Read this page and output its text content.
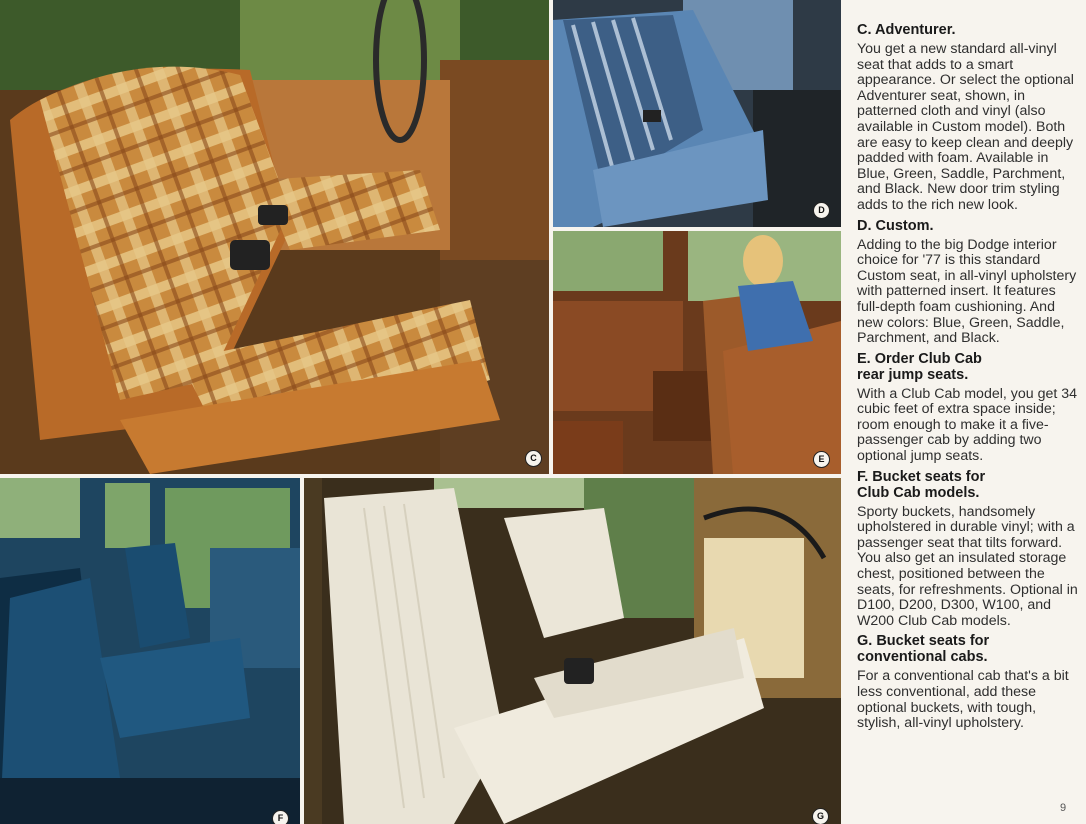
C
D
E
F	G

C. Adventurer.

You get a new standard all-vinyl seat that adds to a smart appearance. Or select the optional Adventurer seat, shown, in patterned cloth and vinyl (also available in Custom model). Both are easy to keep clean and deeply padded with foam. Available in Blue, Green, Saddle, Parchment, and Black. New door trim styling adds to the rich new look.

D. Custom.

Adding to the big Dodge interior choice for '77 is this standard Custom seat, in all-vinyl upholstery with patterned insert. It features full-depth foam cushioning. And new colors: Blue, Green, Saddle, Parchment, and Black.

E. Order Club Cab
rear jump seats.

With a Club Cab model, you get 34 cubic feet of extra space inside; room enough to make it a five-passenger cab by adding two optional jump seats.

F. Bucket seats for
Club Cab models.

Sporty buckets, handsomely upholstered in durable vinyl; with a passenger seat that tilts forward. You also get an insulated storage chest, positioned between the seats, for refreshments. Optional in D100, D200, D300, W100, and W200 Club Cab models.

G. Bucket seats for
conventional cabs.

For a conventional cab that's a bit less conventional, add these optional buckets, with tough, stylish, all-vinyl upholstery.

9
